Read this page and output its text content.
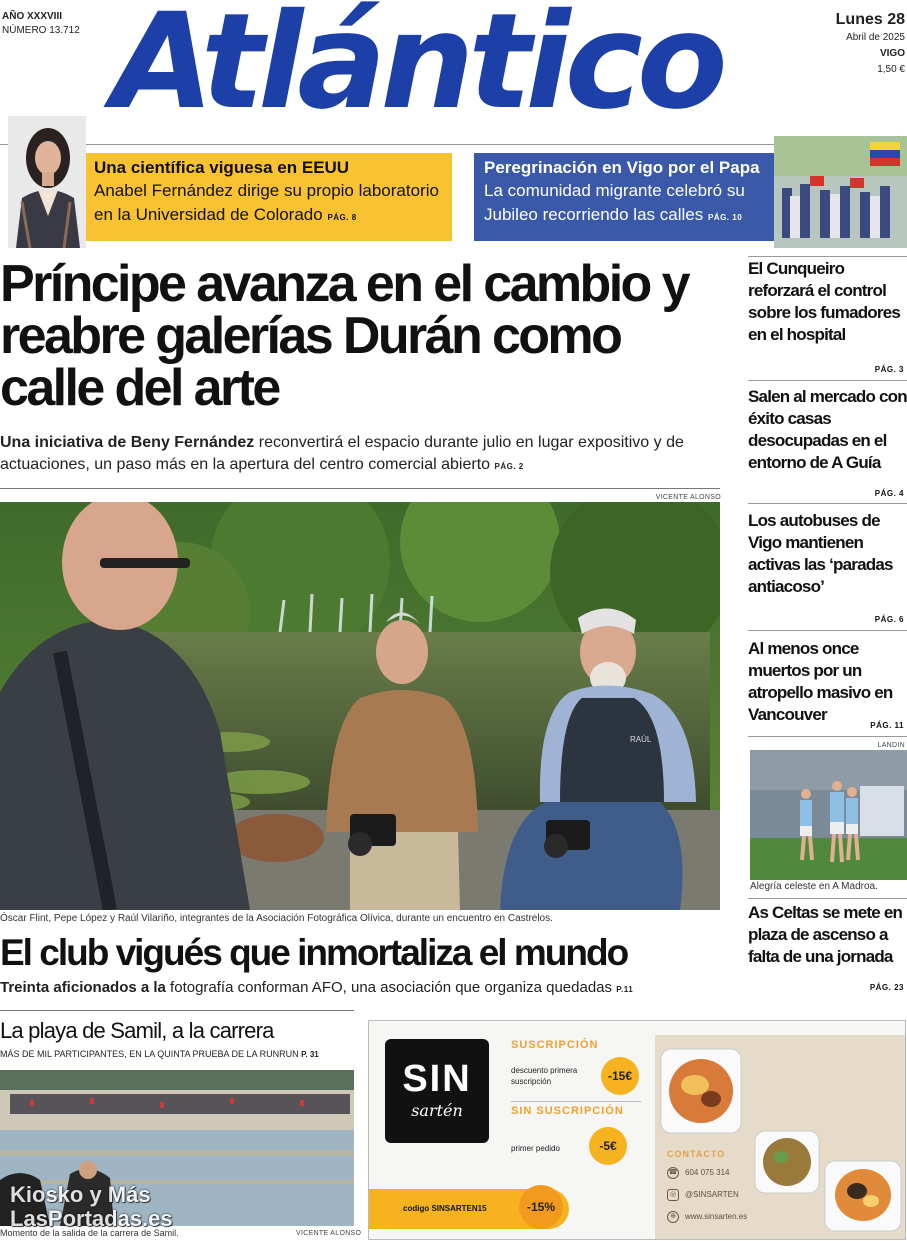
AÑO XXXVIII
NÚMERO 13.712 Atlántico	Lunes 28
Abril de 2025
VIGO
1,50 €
Una científica viguesa en EEUU
Anabel Fernández dirige su propio laboratorio en la Universidad de Colorado PÁG. 8
Peregrinación en Vigo por el Papa
La comunidad migrante celebró su Jubileo recorriendo las calles PÁG. 10
Príncipe avanza en el cambio y reabre galerías Durán como calle del arte
Una iniciativa de Beny Fernández reconvertirá el espacio durante julio en lugar expositivo y de actuaciones, un paso más en la apertura del centro comercial abierto PÁG. 2
VICENTE ALONSO
RAÚL
Óscar Flint, Pepe López y Raúl Vilariño, integrantes de la Asociación Fotográfica Olívica, durante un encuentro en Castrelos.
El club vigués que inmortaliza el mundo
Treinta aficionados a la fotografía conforman AFO, una asociación que organiza quedadas P.11
El Cunqueiro reforzará el control sobre los fumadores en el hospital
PÁG. 3
Salen al mercado con éxito casas desocupadas en el entorno de A Guía
PÁG. 4
Los autobuses de Vigo mantienen activas las ‘paradas antiacoso’
PÁG. 6
Al menos once muertos por un atropello masivo en Vancouver
PÁG. 11
LANDIN
Alegría celeste en A Madroa.
As Celtas se mete en plaza de ascenso a falta de una jornada
PÁG. 23
La playa de Samil, a la carrera
MÁS DE MIL PARTICIPANTES, EN LA QUINTA PRUEBA DE LA RUNRUN P. 31
Kiosko y Más
LasPortadas.es
Momento de la salida de la carrera de Samil.	VICENTE ALONSO
SIN
sartén
SUSCRIPCIÓN
descuento primera suscripción	-15€
SIN SUSCRIPCIÓN
primer pedido	-5€
codigo SINSARTEN15	-15%
CONTACTO
☎ 604 075 314
◎ @SINSARTEN
⊕ www.sinsarten.es
